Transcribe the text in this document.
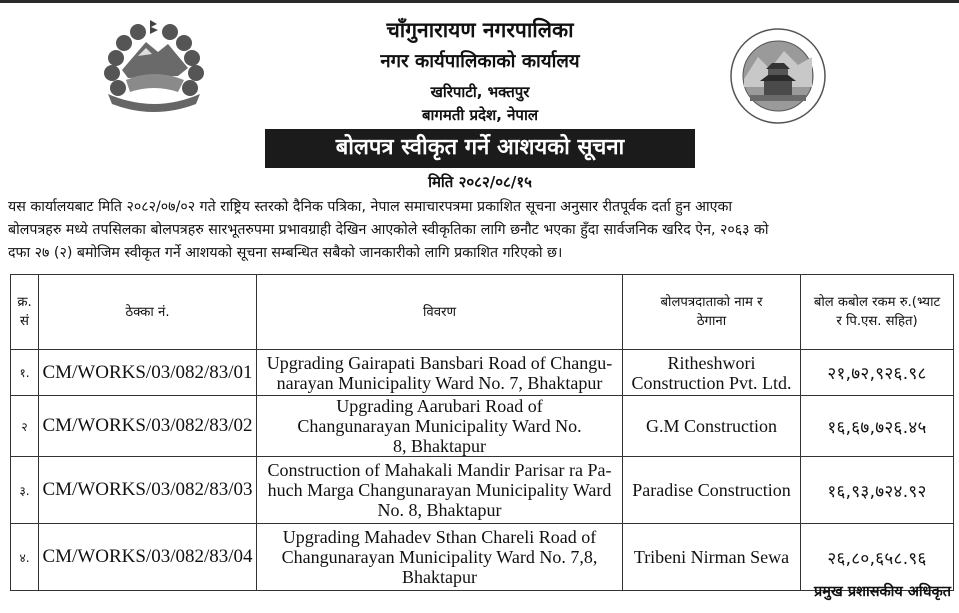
चाँगुनारायण नगरपालिका
नगर कार्यपालिकाको कार्यालय
खरिपाटी, भक्तपुर
बागमती प्रदेश, नेपाल
बोलपत्र स्वीकृत गर्ने आशयको सूचना
मिति २०८२/०८/१५

यस कार्यालयबाट मिति २०८२/०७/०२ गते राष्ट्रिय स्तरको दैनिक पत्रिका, नेपाल समाचारपत्रमा प्रकाशित सूचना अनुसार रीतपूर्वक दर्ता हुन आएका

बोलपत्रहरु मध्ये तपसिलका बोलपत्रहरु सारभूतरुपमा प्रभावग्राही देखिन आएकोले स्वीकृतिका लागि छनौट भएका हुँदा सार्वजनिक खरिद ऐन, २०६३ को

दफा २७ (२) बमोजिम स्वीकृत गर्ने आशयको सूचना सम्बन्धित सबैको जानकारीको लागि प्रकाशित गरिएको छ।

क्र. सं	ठेक्का नं.	विवरण	बोलपत्रदाताको नाम र ठेगाना	बोल कबोल रकम रु.(भ्याट र पि.एस. सहित)
१.	CM/WORKS/03/082/83/01	Upgrading Gairapati Bansbari Road of Changu-narayan Municipality Ward No. 7, Bhaktapur	Ritheshwori Construction Pvt. Ltd.	२१,७२,९२६.९८
२	CM/WORKS/03/082/83/02	Upgrading Aarubari Road of Changunarayan Municipality Ward No. 8, Bhaktapur	G.M Construction	१६,६७,७२६.४५
३.	CM/WORKS/03/082/83/03	Construction of Mahakali Mandir Parisar ra Pa-huch Marga Changunarayan Municipality Ward No. 8, Bhaktapur	Paradise Construction	१६,९३,७२४.९२
४.	CM/WORKS/03/082/83/04	Upgrading Mahadev Sthan Chareli Road of Changunarayan Municipality Ward No. 7,8, Bhaktapur	Tribeni Nirman Sewa	२६,८०,६५८.९६
प्रमुख प्रशासकीय अधिकृत
